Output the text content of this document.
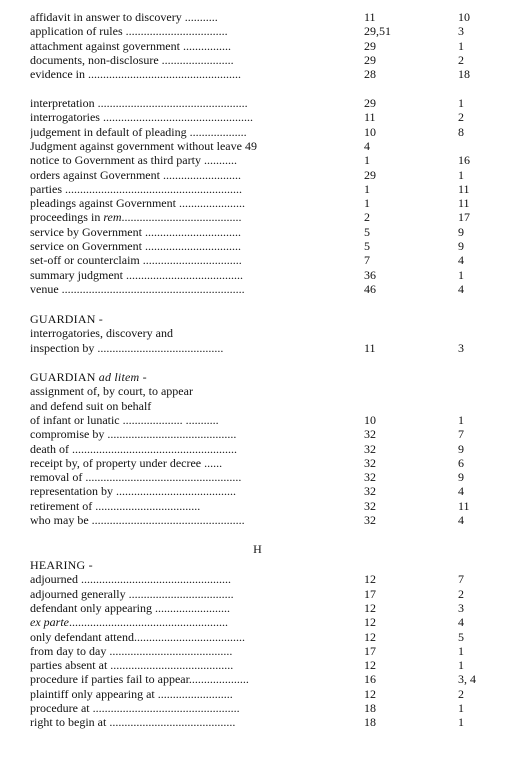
affidavit in answer to discovery ...........	11	10
application of rules ..................................	29,51	3
attachment against government ................	29	1
documents, non-disclosure ........................	29	2
evidence in ...................................................	28	18
interpretation ..................................................	29	1
interrogatories ..................................................	11	2
judgement in default of pleading ...................	10	8
Judgment against government without leave 49	4
notice to Government as third party ...........	1	16
orders against Government ..........................	29	1
parties ...........................................................	1	11
pleadings against Government ......................	1	11
proceedings in rem........................................	2	17
service by Government ................................	5	9
service on Government ................................	5	9
set-off or counterclaim .................................	7	4
summary judgment .......................................	36	1
venue .............................................................	46	4
GUARDIAN -
interrogatories, discovery and
inspection by ..........................................	11	3
GUARDIAN ad litem -
assignment of, by court, to appear
and defend suit on behalf
of infant or lunatic .................... ...........	10	1
compromise by ...........................................	32	7
death of .......................................................	32	9
receipt by, of property under decree ......	32	6
removal of ....................................................	32	9
representation by ........................................	32	4
retirement of ...................................	32	11
who may be ...................................................	32	4
HEARING -
adjourned ..................................................	12	7
adjourned generally ...................................	17	2
defendant only appearing .........................	12	3
ex parte.....................................................	12	4
only defendant attend.....................................	12	5
from day to day .........................................	17	1
parties absent at .........................................	12	1
procedure if parties fail to appear....................	16	3, 4
plaintiff only appearing at .........................	12	2
procedure at .................................................	18	1
right to begin at ..........................................	18	1
H
